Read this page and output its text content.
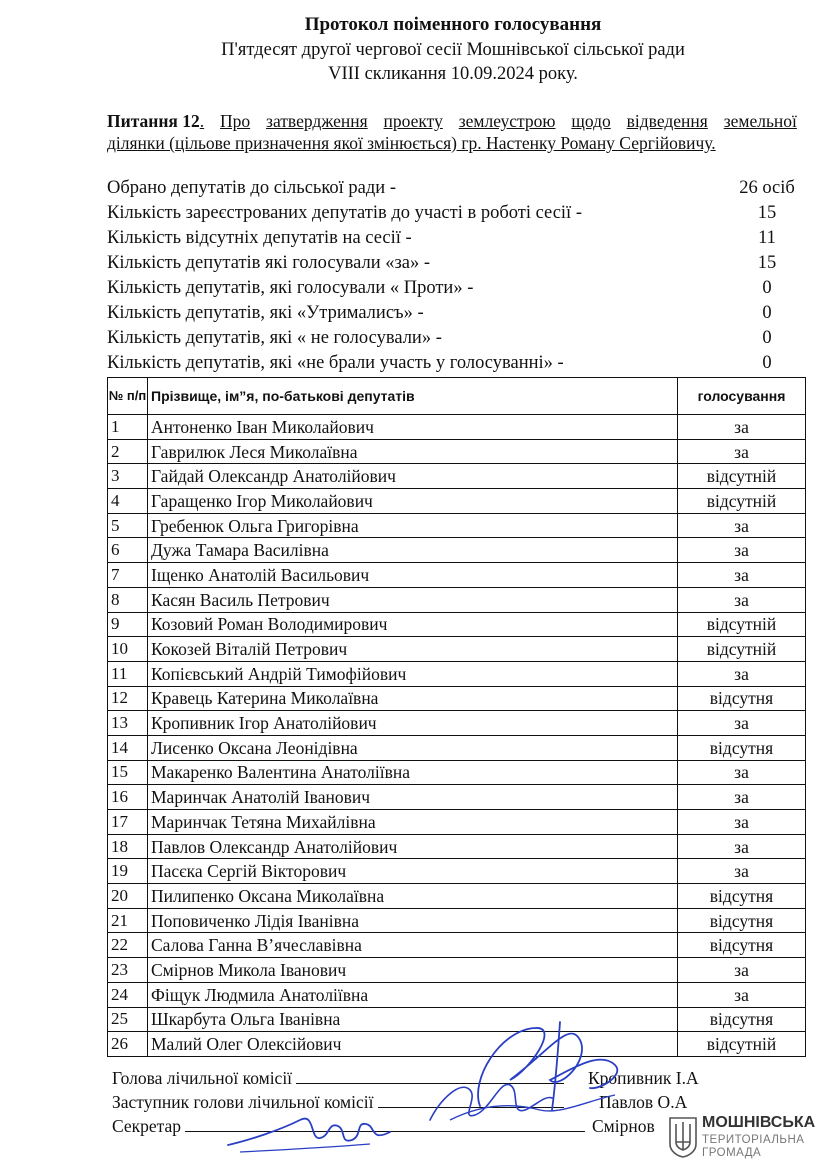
Протокол поіменного голосування
П'ятдесят другої чергової сесії Мошнівської сільської ради
VIII скликання 10.09.2024 року.
Питання 12. Про затвердження проекту землеустрою щодо відведення земельної
ділянки (цільове призначення якої змінюється) гр. Настенку Роману Сергійовичу.
Обрано депутатів до сільської ради -	26 осіб
Кількість зареєстрованих депутатів до участі в роботі сесії -	15
Кількість відсутніх депутатів на сесії -	11
Кількість депутатів які голосували «за» -	15
Кількість депутатів, які голосували « Проти» -	0
Кількість депутатів, які «Утрималисъ» -	0
Кількість депутатів, які « не голосували» -	0
Кількість депутатів, які «не брали участь у голосуванні» -	0
№ п/п	Прізвище, ім”я, по-батькові депутатів	голосування
1	Антоненко Іван Миколайович	за
2	Гаврилюк Леся Миколаївна	за
3	Гайдай Олександр Анатолійович	відсутній
4	Гаращенко Ігор Миколайович	відсутній
5	Гребенюк Ольга Григорівна	за
6	Дужа Тамара Василівна	за
7	Іщенко Анатолій Васильович	за
8	Касян Василь Петрович	за
9	Козовий Роман Володимирович	відсутній
10	Кокозей Віталій Петрович	відсутній
11	Копієвський Андрій Тимофійович	за
12	Кравець Катерина Миколаївна	відсутня
13	Кропивник Ігор Анатолійович	за
14	Лисенко Оксана Леонідівна	відсутня
15	Макаренко Валентина Анатоліївна	за
16	Маринчак Анатолій Іванович	за
17	Маринчак Тетяна Михайлівна	за
18	Павлов Олександр Анатолійович	за
19	Пасєка Сергій Вікторович	за
20	Пилипенко Оксана Миколаївна	відсутня
21	Поповиченко Лідія Іванівна	відсутня
22	Салова Ганна В’ячеславівна	відсутня
23	Смірнов Микола Іванович	за
24	Фіщук Людмила Анатоліївна	за
25	Шкарбута Ольга Іванівна	відсутня
26	Малий Олег Олексійович	відсутній
Голова лічильної комісії	Кропивник І.А
Заступник голови лічильної комісії	Павлов О.А
Секретар	Смірнов	МОШНІВСЬКА
ТЕРИТОРІАЛЬНА
ГРОМАДА
